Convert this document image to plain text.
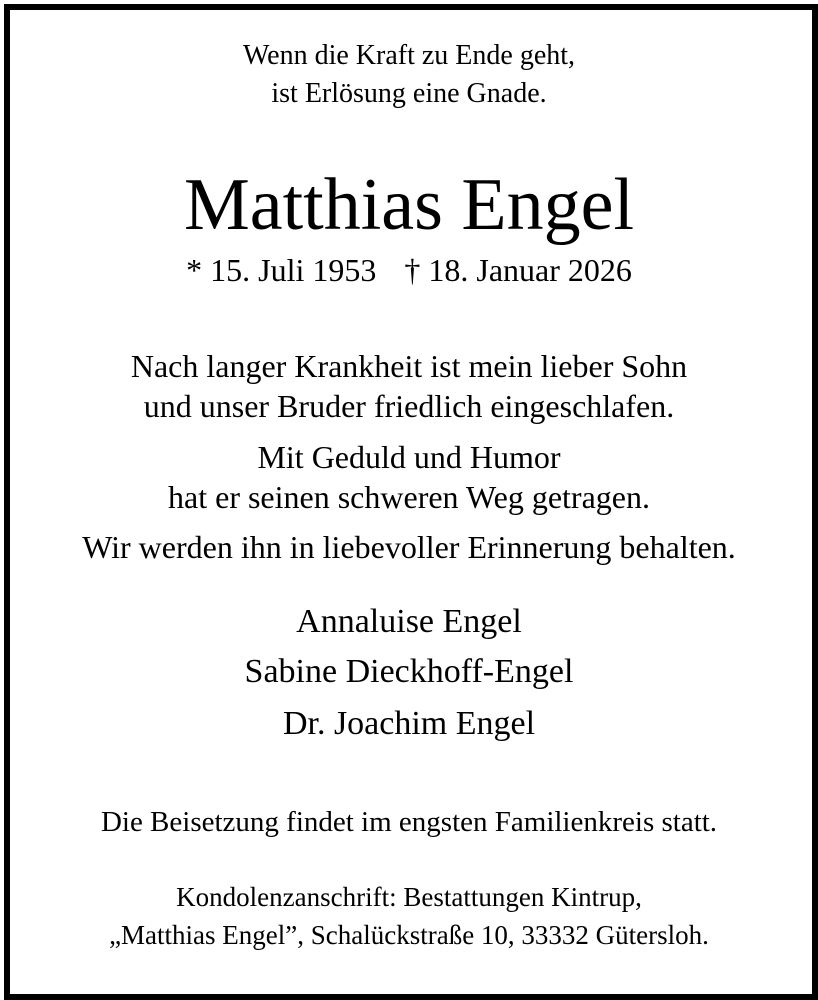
Wenn die Kraft zu Ende geht,
ist Erlösung eine Gnade.
Matthias Engel
* 15. Juli 1953 † 18. Januar 2026
Nach langer Krankheit ist mein lieber Sohn
und unser Bruder friedlich eingeschlafen.
Mit Geduld und Humor
hat er seinen schweren Weg getragen.
Wir werden ihn in liebevoller Erinnerung behalten.
Annaluise Engel
Sabine Dieckhoff-Engel
Dr. Joachim Engel
Die Beisetzung findet im engsten Familienkreis statt.
Kondolenzanschrift: Bestattungen Kintrup,
„Matthias Engel”, Schalückstraße 10, 33332 Gütersloh.
